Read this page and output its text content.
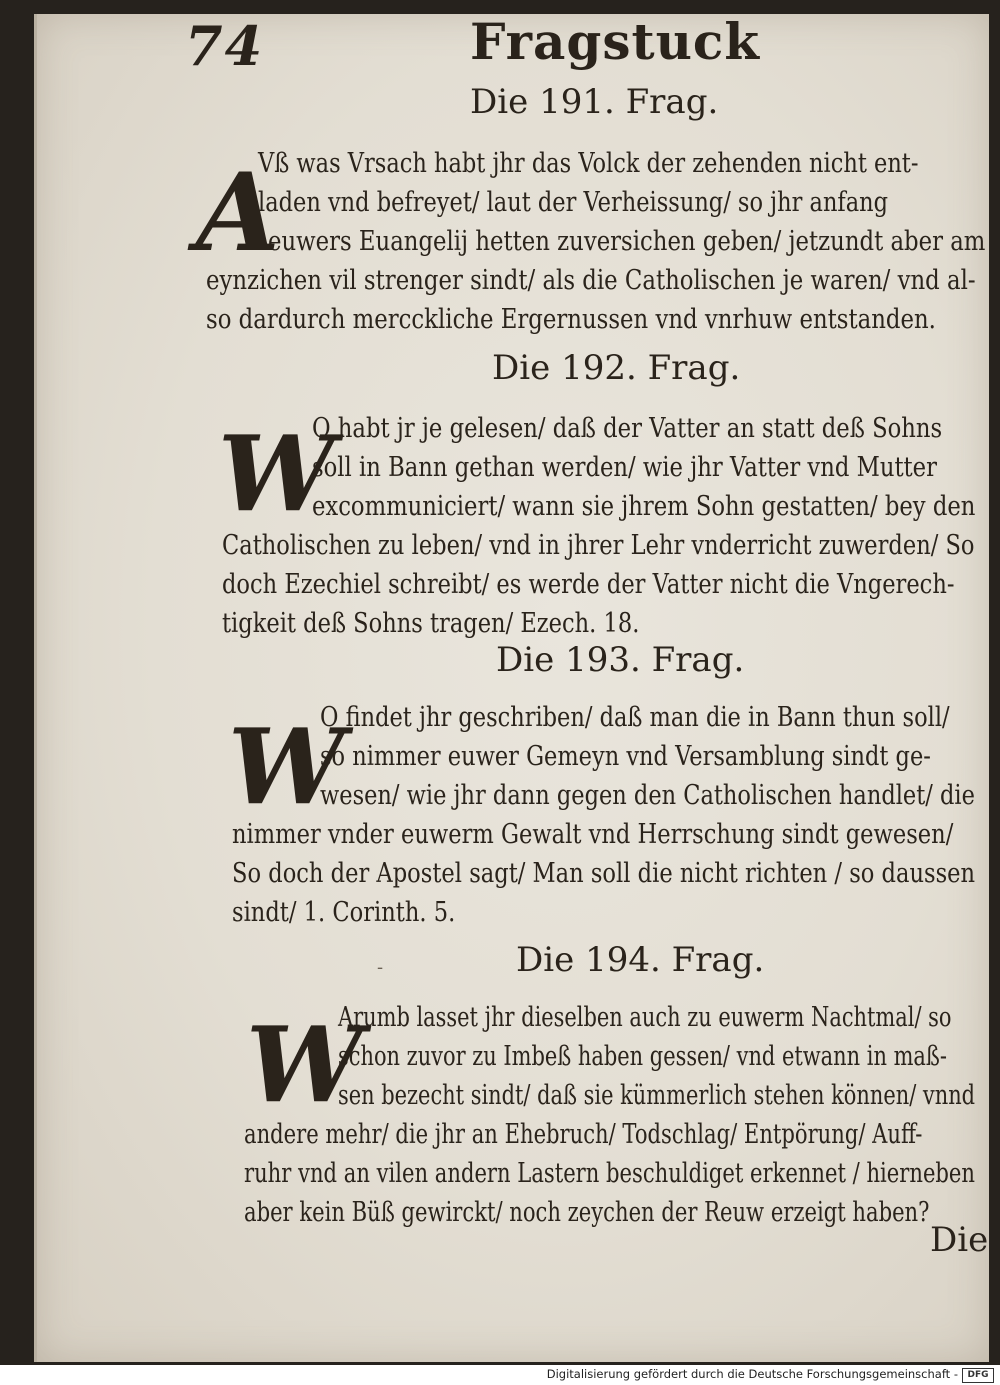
74	Fragstuck
Die 191. Frag.
A
Vß was Vrsach habt jhr das Volck der zehenden nicht ent-
laden vnd befreyet/ laut der Verheissung/ so jhr anfang
euwers Euangelij hetten zuversichen geben/ jetzundt aber am
eynzichen vil strenger sindt/ als die Catholischen je waren/ vnd al-
so dardurch mercckliche Ergernussen vnd vnrhuw entstanden.
Die 192. Frag.
W
O habt jr je gelesen/ daß der Vatter an statt deß Sohns
soll in Bann gethan werden/ wie jhr Vatter vnd Mutter
excommuniciert/ wann sie jhrem Sohn gestatten/ bey den
Catholischen zu leben/ vnd in jhrer Lehr vnderricht zuwerden/ So
doch Ezechiel schreibt/ es werde der Vatter nicht die Vngerech-
tigkeit deß Sohns tragen/ Ezech. 18.
Die 193. Frag.
W
O findet jhr geschriben/ daß man die in Bann thun soll/
so nimmer euwer Gemeyn vnd Versamblung sindt ge-
wesen/ wie jhr dann gegen den Catholischen handlet/ die
nimmer vnder euwerm Gewalt vnd Herrschung sindt gewesen/
So doch der Apostel sagt/ Man soll die nicht richten / so daussen
sindt/ 1. Corinth. 5.
-	Die 194. Frag.
W
Arumb lasset jhr dieselben auch zu euwerm Nachtmal/ so
schon zuvor zu Imbeß haben gessen/ vnd etwann in maß-
sen bezecht sindt/ daß sie kümmerlich stehen können/ vnnd
andere mehr/ die jhr an Ehebruch/ Todschlag/ Entpörung/ Auff-
ruhr vnd an vilen andern Lastern beschuldiget erkennet / hierneben
aber kein Büß gewirckt/ noch zeychen der Reuw erzeigt haben?
Die
Digitalisierung gefördert durch die Deutsche Forschungsgemeinschaft -	DFG
